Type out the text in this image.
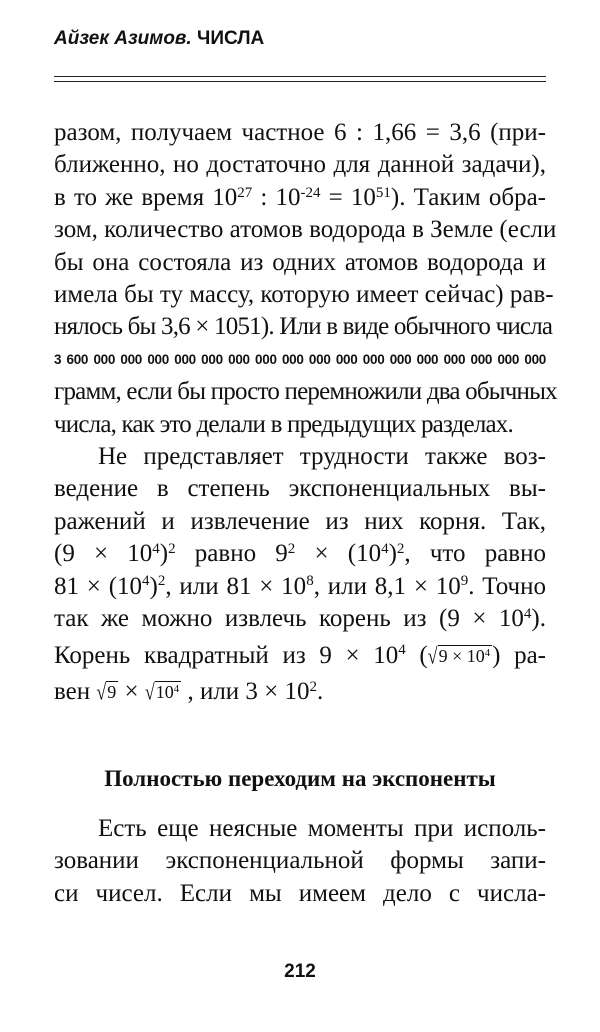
Айзек Азимов. ЧИСЛА
разом, получаем частное 6 : 1,66 = 3,6 (при-
ближенно, но достаточно для данной задачи),
в то же время $10^{27}$ : $10^{-24} = 10^{51}$). Таким обра-
зом, количество атомов водорода в Земле (если
бы она состояла из одних атомов водорода и
имела бы ту массу, которую имеет сейчас) рав-
нялось бы 3,6 × 1051). Или в виде обычного числа
3 600 000 000 000 000 000 000 000 000 000 000 000 000 000 000 000 000 000
грамм, если бы просто перемножили два обычных
числа, как это делали в предыдущих разделах.
Не представляет трудности также воз-
ведение в степень экспоненциальных вы-
ражений и извлечение из них корня. Так,
$(9 \times 10^4)^2$ равно $9^2 \times (10^4)^2$, что равно
$81 \times (10^4)^2$, или $81 \times 10^8$, или $8,1 \times 10^9$. Точно
так же можно извлечь корень из $(9 \times 10^4)$.
Корень квадратный из $9 \times 10^4$ $(√9 \times 10^4)$ ра-
вен $√9 \times √10^4$ , или $3 \times 10^2$.
Полностью переходим на экспоненты
Есть еще неясные моменты при исполь-
зовании экспоненциальной формы запи-
си чисел. Если мы имеем дело с числа-
212
